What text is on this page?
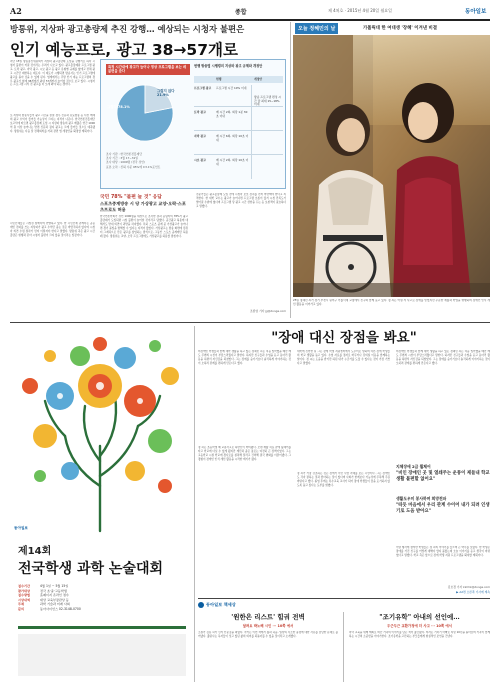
A2	종합	제 4처호 · 2015년 4월 20일 월요일	동아일보
방통위, 지상파 광고총량제 추진 강행… 예상되는 시청자 불편은
인기 예능프로, 광고 38→57개로
지난 15일 방송통신위원회가 지상파 광고총량제 도입을 강행키로 하자 시청자 불편이 커질 것이라는 우려가 나오고 있다. 광고총량제란 프로그램 광고, 토막 광고, 자막 광고, 시보 광고 등 광고 유형별 규제를 없애고 전체 광고 시간만 제한하는 제도다. 이 제도가 시행되면 방송사는 인기 프로그램에 광고를 몰아 넣을 수 있게 된다. 업계에서는 주말 인기 예능 프로그램의 경우 광고가 현재 38개에서 최대 57개까지 늘어날 것으로 보고 있다. 시청자는 프로그램 시작 전 광고를 더 오래 봐야 하는 셈이다.
또 지상파 방송사들이 광고 시간을 늘릴 경우 신문과 유료방송 등 다른 매체의 광고 수익이 줄어들 가능성이 크다는 지적이 나온다. 한국언론진흥재단 보고서에 따르면 광고총량제 도입 시 지상파 방송의 광고 매출은 연간 1000억 원 이상 늘어나는 반면 신문과 잡지 광고는 크게 줄어들 것으로 예측됐다. 방통위는 다음 달 전체회의를 거쳐 관련 법 개정안을 확정할 계획이다.
시민단체들은 시청권 침해라며 반발하고 있다. 한 시민단체 관계자는 공공재인 전파를 쓰는 지상파가 광고 수익만 좇는 것은 바람직하지 않다며 시청자 의견 수렴 절차가 먼저 이뤄져야 한다고 말했다. 방통위 측은 광고 시간 총량은 현행과 같아 시청자 불편이 크지 않을 것이라는 입장이다.
특정 시간대에 광고가 늘어나 정상 프로그램을 보는 데 불편을 준다
그렇다 78.1%
그렇지 않다 21.9%
조사 기관 : 한국언론진흥재단
조사 기간 : 3월 17~31일
조사 대상 : 1000명 (전국 성인)
표본 오차 : 신뢰 수준 95%에 ±3.1%포인트
현행 방송법 시행령의 지상파 광고 규제와 개정안
현행	개정안
프로그램 광고	프로그램 시간 10% 이내
토막 광고	매 시간 2회, 회당 1분 30초 이내
방송 프로그램 편성 시간 당 최대 15~18% 이내
자막 광고	매 시간 6회, 회당 10초 이내
시보 광고	매 시간 2회, 회당 10초 이내
국민 78% "불편 늘 것" 응답
스포츠중계방송 시 당 가상광고 교양·오락·스포츠프로도 허용
한국언론학회가 성인 1000명을 대상으로 조사한 결과 응답자의 78%가 광고총량제가 도입되면 시청 불편이 늘어날 것이라고 답했다. 중간광고 허용에 대해서도 반대 의견이 과반을 차지했다. 특히 스포츠 중계 중 가상광고가 늘어나면 경기 몰입을 방해할 수 있다는 지적이 많았다. 가상광고는 방송 화면에 컴퓨터 그래픽으로 만든 광고를 삽입하는 방식으로, 그동안 스포츠 중계에만 허용돼 왔다. 방통위는 교양, 오락 프로그램에도 가상광고를 허용할 방침이다.
전문가들은 광고총량제 도입 전에 시청자 보호 장치를 먼저 마련해야 한다고 지적한다. 한 대학 교수는 광고가 늘어나면 프로그램 흐름이 끊겨 시청 만족도가 떨어질 수밖에 없다며 프로그램 당 광고 시간 상한을 두는 등 보완책이 필요하다고 말했다.
조종엽 기자 jjj@donga.com
오늘 정혜민의 날	가톨릭대 한 여대생 '장혜' 이겨낸 비결
25일 정혜민 씨가 경기 부천시 원미구 가톨릭대 교정에서 친구와 함께 웃고 있다. 정 씨는 어릴 적 사고로 장애를 얻었지만 꾸준한 재활과 학업을 병행하며 장애인 인식 개선 활동을 이어가고 있다.
동아일보
제14회
전국학생 과학 논술대회
접수기간	4월 1일 ~ 5월 15일
참가대상	전국 초·중·고등학생
접수방법	홈페이지 온라인 접수
시상내역	대상 교육부장관상 등
주제	과학 기술과 미래 사회
문의	동아사이언스 02-3148-0700
"장애 대신 장점을 봐요"
비장애인 학생들과 함께 대학 생활을 하고 있는 정혜민 씨는 처음 입학했을 때만 해도 주변의 시선이 부담스러웠다고 말한다. 하지만 친구들과 수업을 듣고 동아리 활동을 하면서 자신감을 되찾았다. 그는 장애를 숨기기보다 솔직하게 이야기하는 것이 오히려 관계를 편하게 만든다고 했다.
정 씨는 초등학생 때 교통사고로 하반신이 마비됐다. 오랜 재활 치료 끝에 휠체어를 타고 학교에 다닐 수 있게 됐지만 계단과 좁은 통로는 여전히 큰 장벽이었다. 그는 고등학교 시절 학교에 경사로를 설치해 달라고 건의해 결국 변화를 이끌어냈다. 그 경험이 장애인 인식 개선 활동을 시작한 계기가 됐다.
대학에 진학한 뒤 그는 장애 학생 지원센터에서 도우미로 일하며 다른 장애 학생들의 학교 생활을 돕고 있다. 수업 자료를 점자로 바꾸거나 강의실 이동을 함께하는 일이다. 정 씨는 도움을 받기만 하던 내가 누군가를 도울 수 있다는 것이 가장 기쁘다고 말했다.
정 씨가 가장 강조하는 것은 장애가 아닌 사람 자체를 보는 시선이다. 그는 장애인도 각자 잘하는 것과 좋아하는 것이 있다며 사회가 한계보다 가능성에 주목해 주길 바란다고 했다. 졸업 후에는 특수교육 교사가 되어 장애 학생들이 꿈을 포기하지 않도록 돕고 싶다는 포부를 밝혔다.
비장애인 학생들과 함께 대학 생활을 하고 있는 정혜민 씨는 처음 입학했을 때만 해도 주변의 시선이 부담스러웠다고 말한다. 하지만 친구들과 수업을 듣고 동아리 활동을 하면서 자신감을 되찾았다. 그는 장애를 숨기기보다 솔직하게 이야기하는 것이 오히려 관계를 편하게 만든다고 했다.
지체장애 2급 휠체어
"비인 장애인 곳 및 열쇄주는 운통이 제들내 학교생활 불편할 없어요"
생활도우미 봉사하며 희망전파
"따듯 마음에서 우리 관계 수이어 내가 되려 인생기로 도움 받아요"
이날 행사에 참석한 학생들은 정 씨의 이야기를 들으며 큰 박수를 보냈다. 한 학생은 장애를 가진 친구를 어떻게 대해야 할지 몰랐는데 오늘 이야기를 듣고 생각이 바뀌었다고 말했다. 학교 측은 앞으로 장애 학생 지원 프로그램을 확대할 계획이다.
김호경 기자 kimhk@donga.com
▶ A2면 오른쪽 기사에 계속
동아일보 책세상
'원한은 리스트' 힘궈 전벽
달려요 박노해 시인 ··· 10쪽 에서
소설가 김훈 씨가 신작 산문집을 펴냈다. 작가는 이번 책에서 삶과 죽음, 일상의 사소한 풍경에 대한 사유를 담담한 문체로 풀어냈다. 출판사는 독자들이 잊고 있던 삶의 의미를 되돌아볼 수 있을 것이라고 소개했다.
"조기유학" 아내의 선인에…
두근두근 교환가정에 더 사고 ··· 10쪽 에서
자녀 교육을 위해 해외로 떠난 가족의 이야기를 담은 책이 출간됐다. 저자는 기러기 아빠로 지낸 10년을 돌아보며 가족이 함께하는 시간의 소중함을 이야기한다. 조기유학을 고민하는 부모들에게 현실적인 조언을 건넨다.
